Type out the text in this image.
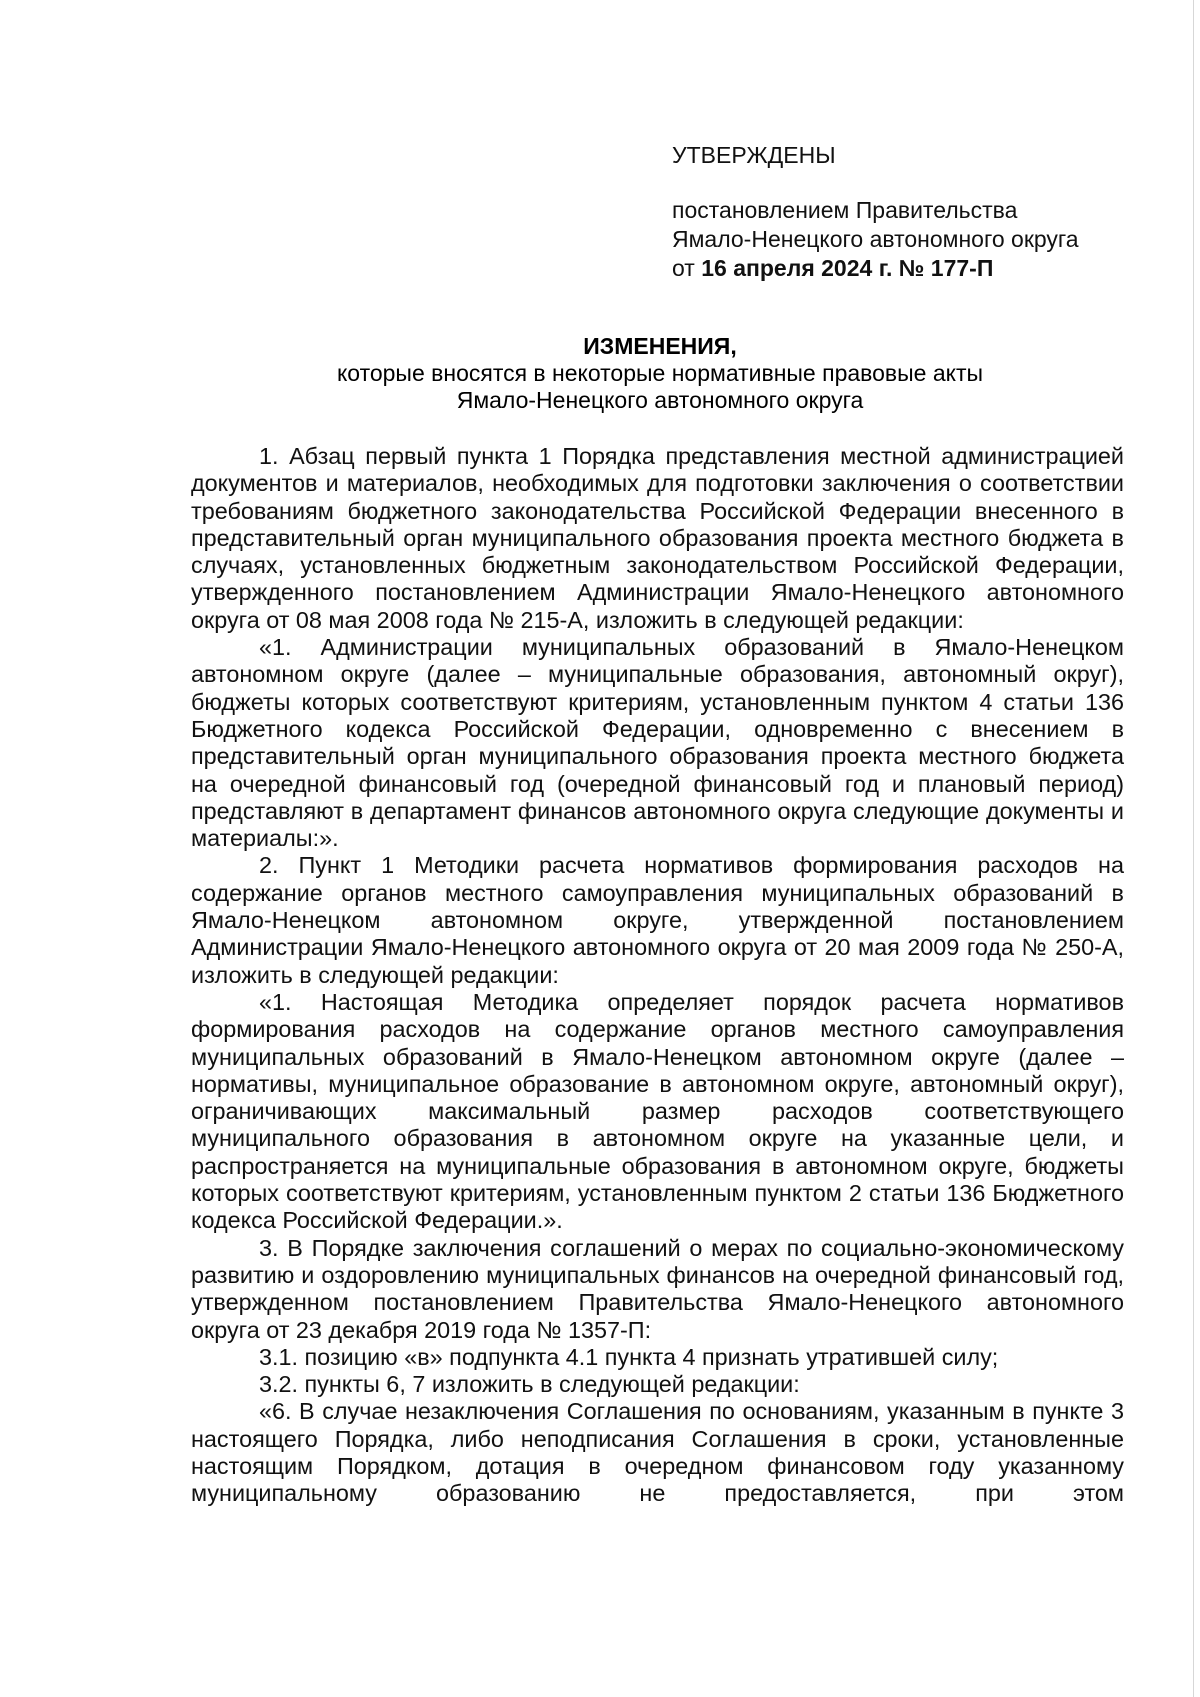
УТВЕРЖДЕНЫ
постановлением Правительства
Ямало-Ненецкого автономного округа
от 16 апреля 2024 г. № 177-П
ИЗМЕНЕНИЯ,
которые вносятся в некоторые нормативные правовые акты
Ямало-Ненецкого автономного округа

1. Абзац первый пункта 1 Порядка представления местной администрацией документов и материалов, необходимых для подготовки заключения о соответствии требованиям бюджетного законодательства Российской Федерации внесенного в представительный орган муниципального образования проекта местного бюджета в случаях, установленных бюджетным законодательством Российской Федерации, утвержденного постановлением Администрации Ямало-Ненецкого автономного округа от 08 мая 2008 года № 215-А, изложить в следующей редакции:

«1. Администрации муниципальных образований в Ямало-Ненецком автономном округе (далее – муниципальные образования, автономный округ), бюджеты которых соответствуют критериям, установленным пунктом 4 статьи 136 Бюджетного кодекса Российской Федерации, одновременно с внесением в представительный орган муниципального образования проекта местного бюджета на очередной финансовый год (очередной финансовый год и плановый период) представляют в департамент финансов автономного округа следующие документы и материалы:».

2. Пункт 1 Методики расчета нормативов формирования расходов на содержание органов местного самоуправления муниципальных образований в Ямало-Ненецком автономном округе, утвержденной постановлением Администрации Ямало-Ненецкого автономного округа от 20 мая 2009 года № 250-А, изложить в следующей редакции:

«1. Настоящая Методика определяет порядок расчета нормативов формирования расходов на содержание органов местного самоуправления муниципальных образований в Ямало-Ненецком автономном округе (далее – нормативы, муниципальное образование в автономном округе, автономный округ), ограничивающих максимальный размер расходов соответствующего муниципального образования в автономном округе на указанные цели, и распространяется на муниципальные образования в автономном округе, бюджеты которых соответствуют критериям, установленным пунктом 2 статьи 136 Бюджетного кодекса Российской Федерации.».

3. В Порядке заключения соглашений о мерах по социально-экономическому развитию и оздоровлению муниципальных финансов на очередной финансовый год, утвержденном постановлением Правительства Ямало-Ненецкого автономного округа от 23 декабря 2019 года № 1357-П:

3.1. позицию «в» подпункта 4.1 пункта 4 признать утратившей силу;

3.2. пункты 6, 7 изложить в следующей редакции:

«6. В случае незаключения Соглашения по основаниям, указанным в пункте 3 настоящего Порядка, либо неподписания Соглашения в сроки, установленные настоящим Порядком, дотация в очередном финансовом году указанному муниципальному образованию не предоставляется, при этом
